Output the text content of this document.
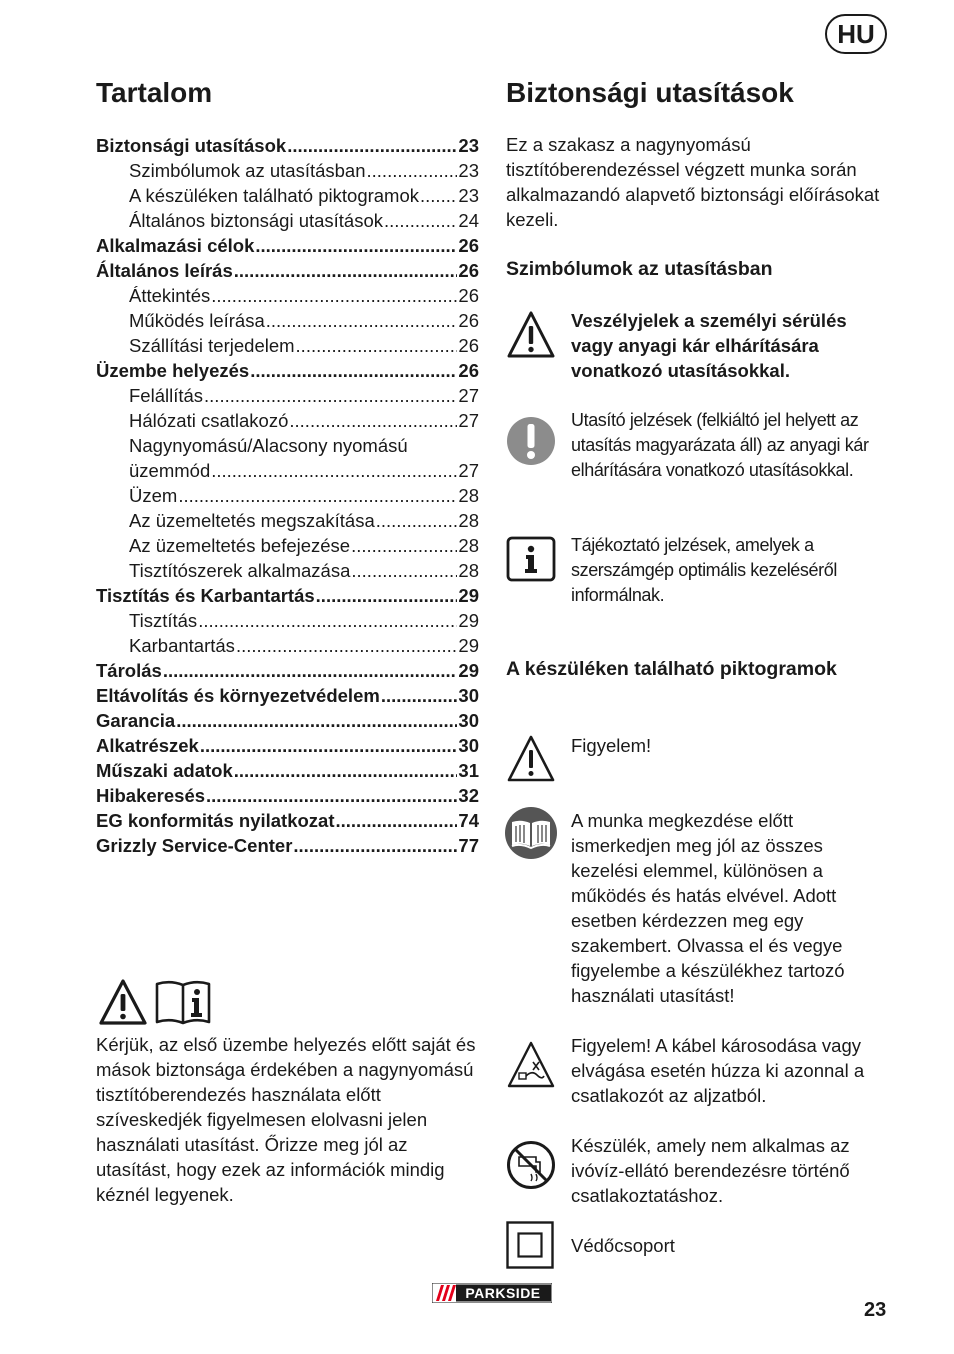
HU
Tartalom
Biztonsági utasítások .....	23
Szimbólumok az utasításban .....	23
A készüléken található piktogramok ..... 23
Általános biztonsági utasítások .....	24
Alkalmazási célok .....	26
Általános leírás .....	26
Áttekintés .....	26
Működés leírása .....	26
Szállítási terjedelem .....	26
Üzembe helyezés .....	26
Felállítás .....	27
Hálózati csatlakozó .....	27
Nagynyomású/Alacsony nyomású
üzemmód .....	27
Üzem .....	28
Az üzemeltetés megszakítása .....	28
Az üzemeltetés befejezése .....	28
Tisztítószerek alkalmazása .....	28
Tisztítás és Karbantartás .....	29
Tisztítás .....	29
Karbantartás .....	29
Tárolás .....	29
Eltávolítás és környezetvédelem .....	30
Garancia .....	30
Alkatrészek .....	30
Műszaki adatok .....	31
Hibakeresés .....	32
EG konformitás nyilatkozat .....	74
Grizzly Service-Center .....	77

Kérjük, az első üzembe helyezés előtt saját és mások biztonsága érdekében a nagynyomású tisztítóberendezés használata előtt szíveskedjék figyelmesen elolvasni jelen használati utasítást. Őrizze meg jól az utasítást, hogy ezek az információk mindig kéznél legyenek.

Biztonsági utasítások

Ez a szakasz a nagynyomású tisztítóberendezéssel végzett munka során alkalmazandó alapvető biztonsági előírásokat kezeli.

Szimbólumok az utasításban

Veszélyjelek a személyi sérülés vagy anyagi kár elhárítására vonatkozó utasításokkal.

Utasító jelzések (felkiáltó jel helyett az utasítás magyarázata áll) az anyagi kár elhárítására vonatkozó utasításokkal.

Tájékoztató jelzések, amelyek a szerszámgép optimális kezeléséről informálnak.

A készüléken található piktogramok

Figyelem!

A munka megkezdése előtt ismerkedjen meg jól az összes kezelési elemmel, különösen a működés és hatás elvével. Adott esetben kérdezzen meg egy szakembert. Olvassa el és vegye figyelembe a készülékhez tartozó használati utasítást!

Figyelem! A kábel károsodása vagy elvágása esetén húzza ki azonnal a csatlakozót az aljzatból.

Készülék, amely nem alkalmas az ivóvíz-ellátó berendezésre történő csatlakoztatáshoz.

Védőcsoport

PARKSIDE
23
